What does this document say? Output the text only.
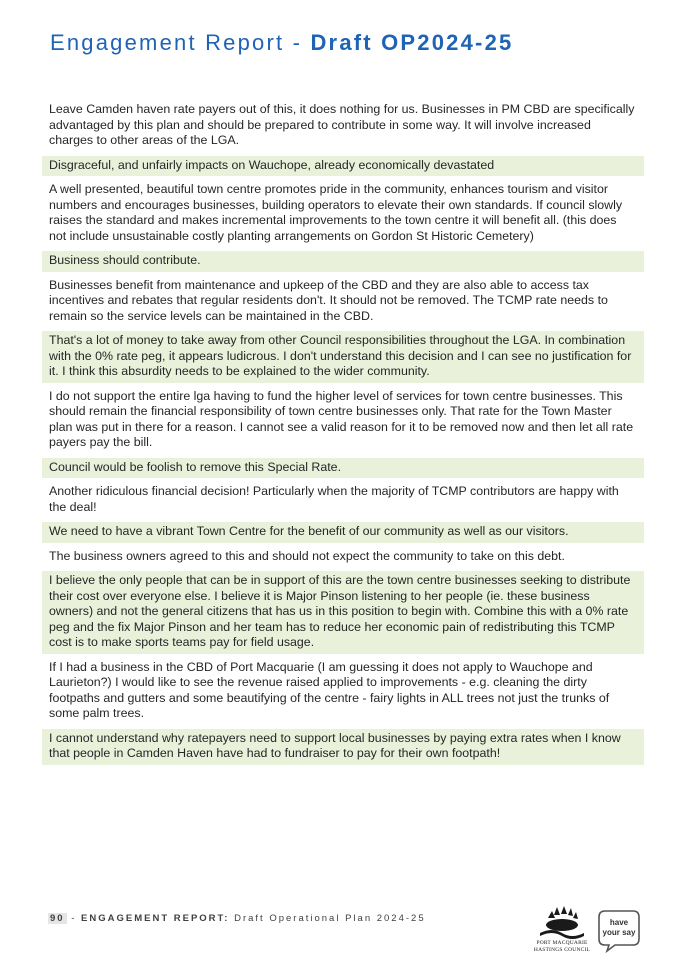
Engagement Report - Draft OP2024-25
Leave Camden haven rate payers out of this, it does nothing for us. Businesses in PM CBD are specifically advantaged by this plan and should be prepared to contribute in some way. It will involve increased charges to other areas of the LGA.
Disgraceful, and unfairly impacts on Wauchope, already economically devastated
A well presented, beautiful town centre promotes pride in the community, enhances tourism and visitor numbers and encourages businesses, building operators to elevate their own standards. If council slowly raises the standard and makes incremental improvements to the town centre it will benefit all. (this does not include unsustainable costly planting arrangements on Gordon St Historic Cemetery)
Business should contribute.
Businesses benefit from maintenance and upkeep of the CBD and they are also able to access tax incentives and rebates that regular residents don't. It should not be removed. The TCMP rate needs to remain so the service levels can be maintained in the CBD.
That's a lot of money to take away from other Council responsibilities throughout the LGA. In combination with the 0% rate peg, it appears ludicrous. I don't understand this decision and I can see no justification for it. I think this absurdity needs to be explained to the wider community.
I do not support the entire lga having to fund the higher level of services for town centre businesses. This should remain the financial responsibility of town centre businesses only. That rate for the Town Master plan was put in there for a reason. I cannot see a valid reason for it to be removed now and then let all rate payers pay the bill.
Council would be foolish to remove this Special Rate.
Another ridiculous financial decision! Particularly when the majority of TCMP contributors are happy with the deal!
We need to have a vibrant Town Centre for the benefit of our community as well as our visitors.
The business owners agreed to this and should not expect the community to take on this debt.
I believe the only people that can be in support of this are the town centre businesses seeking to distribute their cost over everyone else. I believe it is Major Pinson listening to her people (ie. these business owners) and not the general citizens that has us in this position to begin with. Combine this with a 0% rate peg and the fix Major Pinson and her team has to reduce her economic pain of redistributing this TCMP cost is to make sports teams pay for field usage.
If I had a business in the CBD of Port Macquarie (I am guessing it does not apply to Wauchope and Laurieton?) I would like to see the revenue raised applied to improvements - e.g. cleaning the dirty footpaths and gutters and some beautifying of the centre - fairy lights in ALL trees not just the trunks of some palm trees.
I cannot understand why ratepayers need to support local businesses by paying extra rates when I know that people in Camden Haven have had to fundraiser to pay for their own footpath!
90 - ENGAGEMENT REPORT: Draft Operational Plan 2024-25
PORT MACQUARIE
HASTINGS COUNCIL
have
your say
